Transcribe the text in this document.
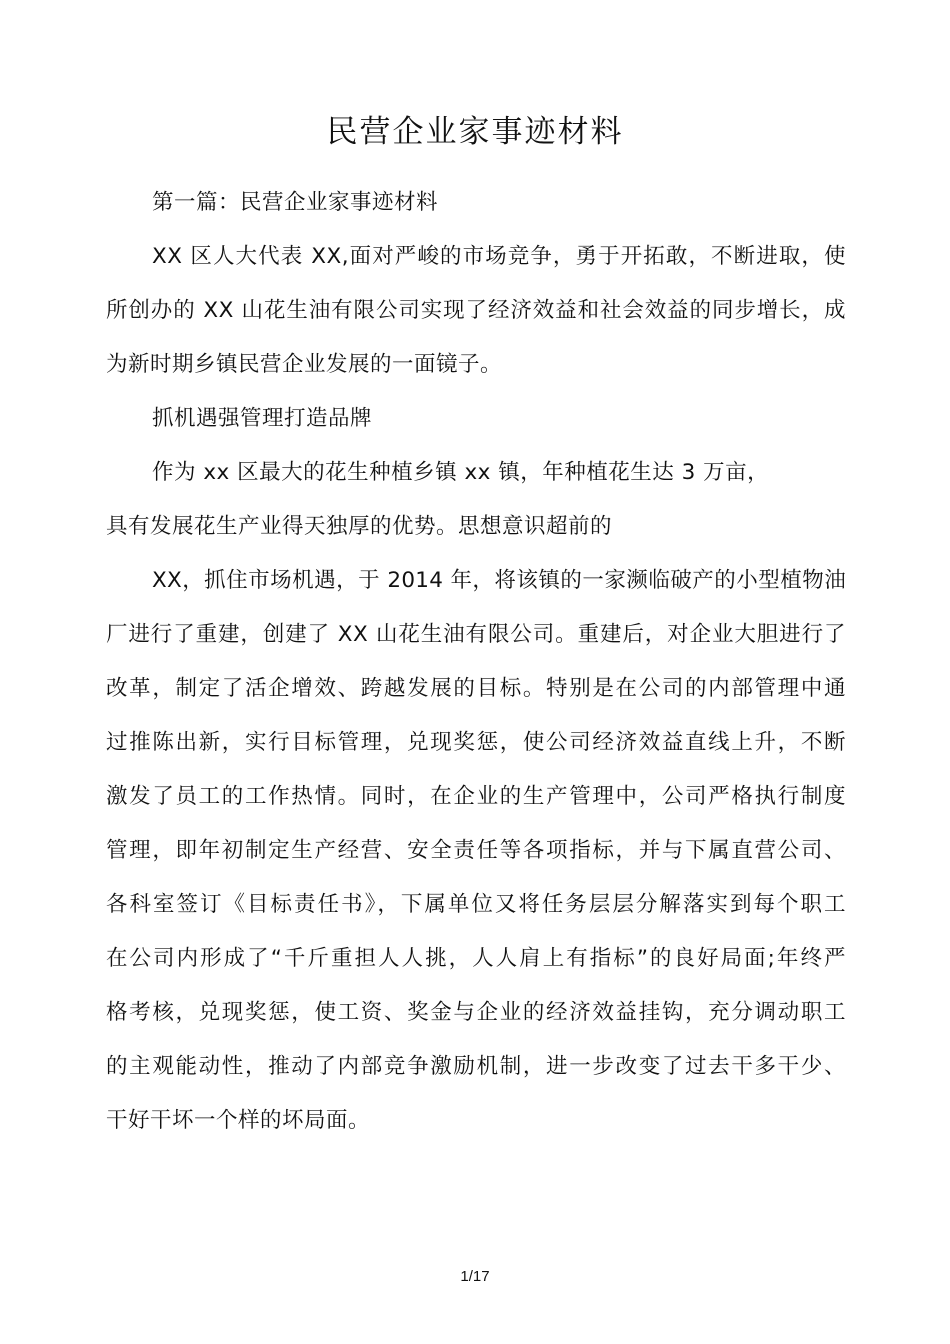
民营企业家事迹材料
第一篇：民营企业家事迹材料
XX 区人大代表 XX,面对严峻的市场竞争，勇于开拓敢，不断进取，使
所创办的 XX 山花生油有限公司实现了经济效益和社会效益的同步增长，成
为新时期乡镇民营企业发展的一面镜子。
抓机遇强管理打造品牌
作为 xx 区最大的花生种植乡镇 xx 镇，年种植花生达 3 万亩，
具有发展花生产业得天独厚的优势。思想意识超前的
XX，抓住市场机遇，于 2014 年，将该镇的一家濒临破产的小型植物油
厂进行了重建，创建了 XX 山花生油有限公司。重建后，对企业大胆进行了
改革，制定了活企增效、跨越发展的目标。特别是在公司的内部管理中通
过推陈出新，实行目标管理，兑现奖惩，使公司经济效益直线上升，不断
激发了员工的工作热情。同时，在企业的生产管理中，公司严格执行制度
管理，即年初制定生产经营、安全责任等各项指标，并与下属直营公司、
各科室签订《目标责任书》，下属单位又将任务层层分解落实到每个职工
在公司内形成了“千斤重担人人挑，人人肩上有指标”的良好局面;年终严
格考核，兑现奖惩，使工资、奖金与企业的经济效益挂钩，充分调动职工
的主观能动性，推动了内部竞争激励机制，进一步改变了过去干多干少、
干好干坏一个样的坏局面。
1/17
